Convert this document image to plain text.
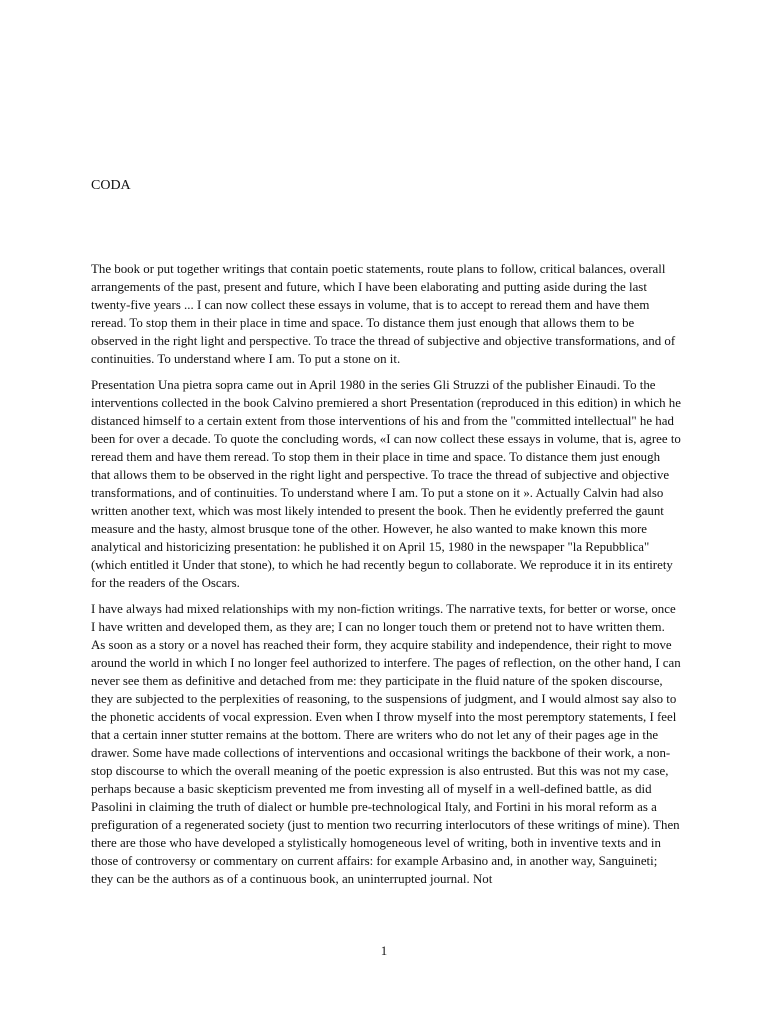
CODA

The book or put together writings that contain poetic statements, route plans to follow, critical balances, overall arrangements of the past, present and future, which I have been elaborating and putting aside during the last twenty-five years ... I can now collect these essays in volume, that is to accept to reread them and have them reread. To stop them in their place in time and space. To distance them just enough that allows them to be observed in the right light and perspective. To trace the thread of subjective and objective transformations, and of continuities. To understand where I am. To put a stone on it.

Presentation Una pietra sopra came out in April 1980 in the series Gli Struzzi of the publisher Einaudi. To the interventions collected in the book Calvino premiered a short Presentation (reproduced in this edition) in which he distanced himself to a certain extent from those interventions of his and from the "committed intellectual" he had been for over a decade. To quote the concluding words, «I can now collect these essays in volume, that is, agree to reread them and have them reread. To stop them in their place in time and space. To distance them just enough that allows them to be observed in the right light and perspective. To trace the thread of subjective and objective transformations, and of continuities. To understand where I am. To put a stone on it ». Actually Calvin had also written another text, which was most likely intended to present the book. Then he evidently preferred the gaunt measure and the hasty, almost brusque tone of the other. However, he also wanted to make known this more analytical and historicizing presentation: he published it on April 15, 1980 in the newspaper "la Repubblica" (which entitled it Under that stone), to which he had recently begun to collaborate. We reproduce it in its entirety for the readers of the Oscars.

I have always had mixed relationships with my non-fiction writings. The narrative texts, for better or worse, once I have written and developed them, as they are; I can no longer touch them or pretend not to have written them. As soon as a story or a novel has reached their form, they acquire stability and independence, their right to move around the world in which I no longer feel authorized to interfere. The pages of reflection, on the other hand, I can never see them as definitive and detached from me: they participate in the fluid nature of the spoken discourse, they are subjected to the perplexities of reasoning, to the suspensions of judgment, and I would almost say also to the phonetic accidents of vocal expression. Even when I throw myself into the most peremptory statements, I feel that a certain inner stutter remains at the bottom. There are writers who do not let any of their pages age in the drawer. Some have made collections of interventions and occasional writings the backbone of their work, a non-stop discourse to which the overall meaning of the poetic expression is also entrusted. But this was not my case, perhaps because a basic skepticism prevented me from investing all of myself in a well-defined battle, as did Pasolini in claiming the truth of dialect or humble pre-technological Italy, and Fortini in his moral reform as a prefiguration of a regenerated society (just to mention two recurring interlocutors of these writings of mine). Then there are those who have developed a stylistically homogeneous level of writing, both in inventive texts and in those of controversy or commentary on current affairs: for example Arbasino and, in another way, Sanguineti; they can be the authors as of a continuous book, an uninterrupted journal. Not

1
